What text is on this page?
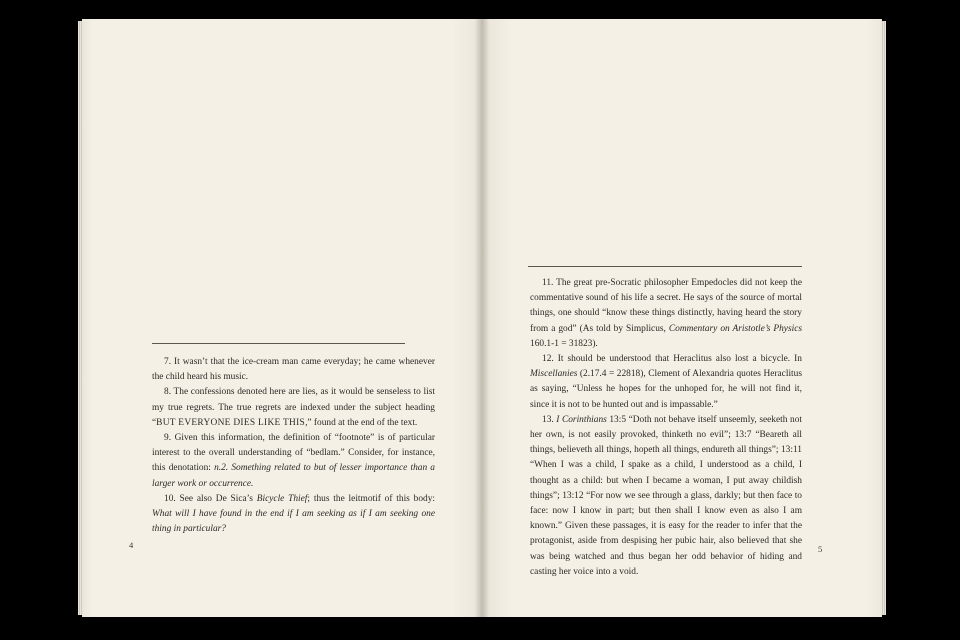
7. It wasn’t that the ice-cream man came everyday; he came whenever the child heard his music.

8. The confessions denoted here are lies, as it would be senseless to list my true regrets. The true regrets are indexed under the subject heading “BUT EVERYONE DIES LIKE THIS,” found at the end of the text.

9. Given this information, the definition of “footnote” is of particular interest to the overall understanding of “bedlam.” Consider, for instance, this denotation: n.2. Something related to but of lesser importance than a larger work or occurrence.

10. See also De Sica’s Bicycle Thief; thus the leitmotif of this body: What will I have found in the end if I am seeking as if I am seeking one thing in particular?

4

11. The great pre-Socratic philosopher Empedocles did not keep the commentative sound of his life a secret. He says of the source of mortal things, one should “know these things distinctly, having heard the story from a god” (As told by Simplicus, Commentary on Aristotle’s Physics 160.1-1 = 31823).

12. It should be understood that Heraclitus also lost a bicycle. In Miscellanies (2.17.4 = 22818), Clement of Alexandria quotes Heraclitus as saying, “Unless he hopes for the unhoped for, he will not find it, since it is not to be hunted out and is impassable.”

13. I Corinthians 13:5 “Doth not behave itself unseemly, seeketh not her own, is not easily provoked, thinketh no evil”; 13:7 “Beareth all things, believeth all things, hopeth all things, endureth all things”; 13:11 “When I was a child, I spake as a child, I understood as a child, I thought as a child: but when I became a woman, I put away childish things”; 13:12 “For now we see through a glass, darkly; but then face to face: now I know in part; but then shall I know even as also I am known.” Given these passages, it is easy for the reader to infer that the protagonist, aside from despising her pubic hair, also believed that she was being watched and thus began her odd behavior of hiding and casting her voice into a void.

5
